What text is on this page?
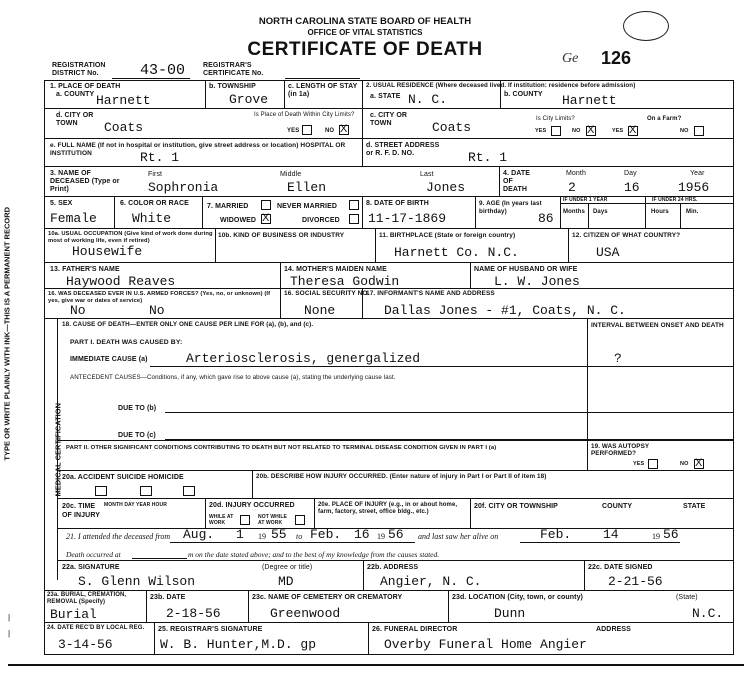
TYPE OR WRITE PLAINLY WITH INK—THIS IS A PERMANENT RECORD
|
|
NORTH CAROLINA STATE BOARD OF HEALTH
OFFICE OF VITAL STATISTICS
CERTIFICATE OF DEATH	Ge 126
REGISTRATION
DISTRICT No.	43-00	REGISTRAR'S
CERTIFICATE No.
1. PLACE OF DEATH
a. COUNTY Harnett
b. TOWNSHIP
Grove
c. LENGTH OF STAY (in 1a)
2. USUAL RESIDENCE (Where deceased lived. If institution: residence before admission)
a. STATE N. C.	b. COUNTY Harnett
d. CITY OR TOWN	Coats
Is Place of Death Within City Limits?
YES	NO X
c. CITY OR TOWN	Coats
Is City Limits?	On a Farm?
YES	NO X	YES X	NO
e. FULL NAME (If not in hospital or institution, give street address or location) HOSPITAL OR INSTITUTION	Rt. 1
d. STREET ADDRESS or R. F. D. NO.	Rt. 1
3. NAME OF DECEASED (Type or Print)
First	Middle	Last
Sophronia	Ellen	Jones
4. DATE OF DEATH
Month	Day	Year
2	16	1956
5. SEX
Female
6. COLOR OR RACE
White
7. MARRIED	NEVER MARRIED
WIDOWED X	DIVORCED
8. DATE OF BIRTH
11-17-1869
9. AGE (In years last birthday)	86
IF UNDER 1 YEAR	IF UNDER 24 HRS.
Months Days	Hours	Min.
10a. USUAL OCCUPATION (Give kind of work done during most of working life, even if retired)
Housewife
10b. KIND OF BUSINESS OR INDUSTRY	11. BIRTHPLACE (State or foreign country)
Harnett Co. N.C.
12. CITIZEN OF WHAT COUNTRY?
USA
13. FATHER'S NAME
Haywood Reaves
14. MOTHER'S MAIDEN NAME
Theresa Godwin
NAME OF HUSBAND OR WIFE
L. W. Jones
16. WAS DECEASED EVER IN U.S. ARMED FORCES? (Yes, no, or unknown) (If yes, give war or dates of service)
No	No
16. SOCIAL SECURITY NO.
None
17. INFORMANT'S NAME AND ADDRESS
Dallas Jones - #1, Coats, N. C.
MEDICAL CERTIFICATION
18. CAUSE OF DEATH—ENTER ONLY ONE CAUSE PER LINE FOR (a), (b), and (c).	INTERVAL BETWEEN ONSET AND DEATH
PART I. DEATH WAS CAUSED BY:
IMMEDIATE CAUSE (a)	Arteriosclerosis, genergalized	?
ANTECEDENT CAUSES—Conditions, if any, which gave rise to above cause (a), stating the underlying cause last.
DUE TO (b)
DUE TO (c)
PART II. OTHER SIGNIFICANT CONDITIONS CONTRIBUTING TO DEATH BUT NOT RELATED TO TERMINAL DISEASE CONDITION GIVEN IN PART I (a)	19. WAS AUTOPSY PERFORMED?
YES	NO X
20a. ACCIDENT SUICIDE HOMICIDE	20b. DESCRIBE HOW INJURY OCCURRED. (Enter nature of injury in Part I or Part II of item 18)
20c. TIME OF INJURY
MONTH DAY YEAR HOUR	20d. INJURY OCCURRED
WHILE AT WORK
NOT WHILE AT WORK
20e. PLACE OF INJURY (e.g., in or about home, farm, factory, street, office bldg., etc.)
20f. CITY OR TOWNSHIP	COUNTY	STATE
21. I attended the deceased from Aug. 1 19 55 to Feb. 16 19 56 and last saw her alive on	Feb. 14	19 56
Death occurred at	m on the date stated above; and to the best of my knowledge from the causes stated.
22a. SIGNATURE	(Degree or title)
S. Glenn Wilson	MD
22b. ADDRESS
Angier, N. C.
22c. DATE SIGNED
2-21-56
23a. BURIAL, CREMATION, REMOVAL (Specify)
Burial
23b. DATE
2-18-56
23c. NAME OF CEMETERY OR CREMATORY
Greenwood
23d. LOCATION (City, town, or county)	(State)
Dunn	N.C.
24. DATE REC'D BY LOCAL REG.
3-14-56
25. REGISTRAR'S SIGNATURE
W. B. Hunter,M.D. gp
26. FUNERAL DIRECTOR	ADDRESS
Overby Funeral Home Angier
